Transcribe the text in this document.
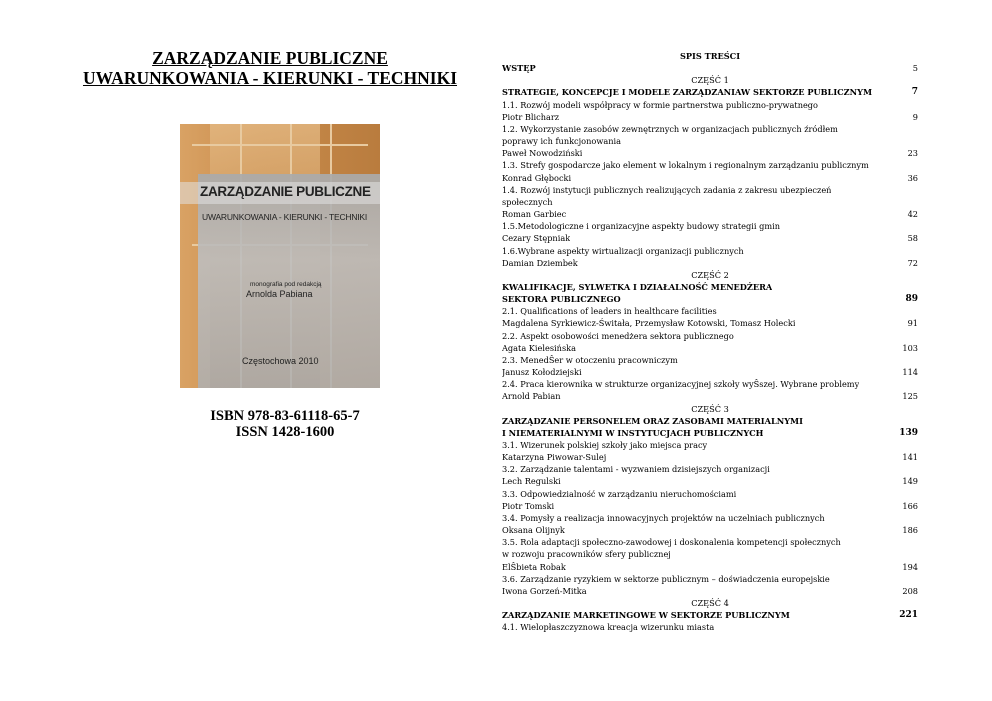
ZARZĄDZANIE PUBLICZNE

UWARUNKOWANIA - KIERUNKI - TECHNIKI

ZARZĄDZANIE PUBLICZNE
UWARUNKOWANIA - KIERUNKI - TECHNIKI
monografia pod redakcją
Arnolda Pabiana
Częstochowa 2010
ISBN 978-83-61118-65-7
ISSN 1428-1600
SPIS TREŚCI
WSTĘP	5
CZĘŚĆ 1
STRATEGIE, KONCEPCJE I MODELE ZARZĄDZANIAW SEKTORZE PUBLICZNYM	7
1.1. Rozwój modeli współpracy w formie partnerstwa publiczno-prywatnego
Piotr Blicharz	9
1.2. Wykorzystanie zasobów zewnętrznych w organizacjach publicznych źródłem
poprawy ich funkcjonowania
Paweł Nowodziński	23
1.3. Strefy gospodarcze jako element w lokalnym i regionalnym zarządzaniu publicznym
Konrad Głębocki	36
1.4. Rozwój instytucji publicznych realizujących zadania z zakresu ubezpieczeń
społecznych
Roman Garbiec	42
1.5.Metodologiczne i organizacyjne aspekty budowy strategii gmin
Cezary Stępniak	58
1.6.Wybrane aspekty wirtualizacji organizacji publicznych
Damian Dziembek	72
CZĘŚĆ 2
KWALIFIKACJE, SYLWETKA I DZIAŁALNOŚĆ MENEDŻERA
SEKTORA PUBLICZNEGO	89
2.1. Qualifications of leaders in healthcare facilities
Magdalena Syrkiewicz-Świtała, Przemysław Kotowski, Tomasz Holecki	91
2.2. Aspekt osobowości menedżera sektora publicznego
Agata Kielesińska	103
2.3. MenedŜer w otoczeniu pracowniczym
Janusz Kołodziejski	114
2.4. Praca kierownika w strukturze organizacyjnej szkoły wyŜszej. Wybrane problemy
Arnold Pabian	125
CZĘŚĆ 3
ZARZĄDZANIE PERSONELEM ORAZ ZASOBAMI MATERIALNYMI
I NIEMATERIALNYMI W INSTYTUCJACH PUBLICZNYCH	139
3.1. Wizerunek polskiej szkoły jako miejsca pracy
Katarzyna Piwowar-Sulej	141
3.2. Zarządzanie talentami - wyzwaniem dzisiejszych organizacji
Lech Regulski	149
3.3. Odpowiedzialność w zarządzaniu nieruchomościami
Piotr Tomski	166
3.4. Pomysły a realizacja innowacyjnych projektów na uczelniach publicznych
Oksana Olijnyk	186
3.5. Rola adaptacji społeczno-zawodowej i doskonalenia kompetencji społecznych
w rozwoju pracowników sfery publicznej
ElŜbieta Robak	194
3.6. Zarządzanie ryzykiem w sektorze publicznym – doświadczenia europejskie
Iwona Gorzeń-Mitka	208
CZĘŚĆ 4
ZARZĄDZANIE MARKETINGOWE W SEKTORZE PUBLICZNYM	221
4.1. Wielopłaszczyznowa kreacja wizerunku miasta
